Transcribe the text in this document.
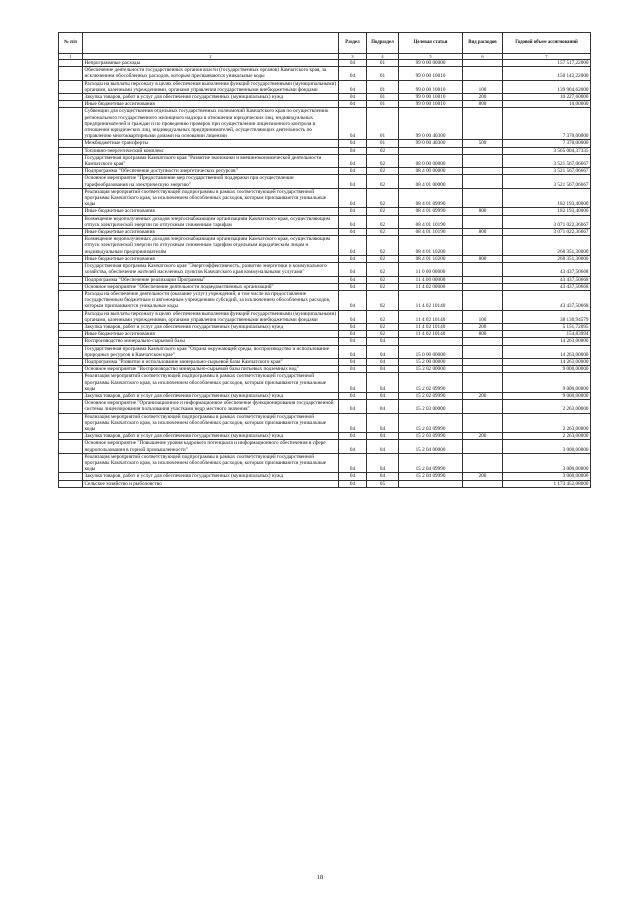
№ п/п		Раздел	Подраздел	Целевая статья	Вид расходов	Годовой объем ассигнований
1	2	3	4	5	6	7
	Непрограммные расходы	04	01	99 0 00 00000		157 517,22000
	Обеспечение деятельности государственных органов власти (государственных органов) Камчатского края, за исключением обособленных расходов, которым присваиваются уникальные коды	04	01	99 0 00 10010		150 142,22000
	Расходы на выплаты персоналу в целях обеспечения выполнения функций государственными (муниципальными) органами, казенными учреждениями, органами управления государственными внебюджетными фондами	04	01	99 0 00 10010	100	139 904,62000
	Закупка товаров, работ и услуг для обеспечения государственных (муниципальных) нужд	04	01	99 0 00 10010	200	10 227,60000
	Иные бюджетные ассигнования	04	01	99 0 00 10010	800	10,00000
	Субвенции для осуществления отдельных государственных полномочий Камчатского края по осуществлению регионального государственного жилищного надзора в отношении юридических лиц, индивидуальных предпринимателей и граждан и по проведению проверок при осуществлении лицензионного контроля в отношении юридических лиц, индивидуальных предпринимателей, осуществляющих деятельность по управлению многоквартирными домами на основании лицензии	04	01	99 0 00 40300		7 370,00000
	Межбюджетные трансферты	04	01	99 0 00 40300	500	7 370,00000
	Топливно-энергетический комплекс	04	02			3 565 004,37335
	Государственная программа Камчатского края "Развитие экономики и внешнеэкономической деятельности Камчатского края"	04	02	08 0 00 00000		3 521 567,06667
	Подпрограмма "Обеспечение доступности энергетических ресурсов"	04	02	08 4 00 00000		3 521 567,06667
	Основное мероприятие "Предоставление мер государственной поддержки при осуществлении тарифообразования на электрическую энергию"	04	02	08 4 01 00000		3 521 567,06667
	Реализация мероприятий соответствующей подпрограммы в рамках соответствующей государственной программы Камчатского края, за исключением обособленных расходов, которым присваиваются уникальные коды	04	02	08 4 01 09990		182 193,40000
	Иные бюджетные ассигнования	04	02	08 4 01 09990	800	182 193,40000
	Возмещение недополученных доходов энергоснабжающим организациям Камчатского края, осуществляющим отпуск электрической энергии по отпускным сниженным тарифам	04	02	08 4 01 10190		3 071 022,36667
	Иные бюджетные ассигнования	04	02	08 4 01 10190	800	3 071 022,36667
	Возмещение недополученных доходов энергоснабжающим организациям Камчатского края, осуществляющим отпуск электрической энергии по отпускным сниженным тарифам отдельным юридическим лицам и индивидуальным предпринимателям	04	02	08 4 01 10200		268 351,30000
	Иные бюджетные ассигнования	04	02	08 4 01 10200	800	268 351,30000
	Государственная программа Камчатского края "Энергоэффективность, развитие энергетики и коммунального хозяйства, обеспечение жителей населенных пунктов Камчатского края коммунальными услугами"	04	02	11 0 00 00000		43 437,50668
	Подпрограмма "Обеспечение реализации Программы"	04	02	11 4 00 00000		43 437,50668
	Основное мероприятие "Обеспечение деятельности подведомственных организаций"	04	02	11 4 02 00000		43 437,50668
	Расходы на обеспечение деятельности (оказание услуг) учреждений, в том числе на предоставление государственным бюджетным и автономным учреждениям субсидий, за исключением обособленных расходов, которым присваиваются уникальные коды	04	02	11 4 02 10140		43 437,50668
	Расходы на выплаты персоналу в целях обеспечения выполнения функций государственными (муниципальными) органами, казенными учреждениями, органами управления государственными внебюджетными фондами	04	02	11 4 02 10140	100	38 130,94579
	Закупка товаров, работ и услуг для обеспечения государственных (муниципальных) нужд	04	02	11 4 02 10140	200	5 151,72095
	Иные бюджетные ассигнования	04	02	11 4 02 10140	800	154,83994
	Воспроизводство минерально-сырьевой базы	04	04			14 263,00000
	Государственная программа Камчатского края "Охрана окружающей среды, воспроизводство и использование природных ресурсов в Камчатском крае"	04	04	15 0 00 00000		14 263,00000
	Подпрограмма "Развитие и использование минерально-сырьевой базы Камчатского края"	04	04	15 2 00 00000		14 263,00000
	Основное мероприятие "Воспроизводство минерально-сырьевой базы питьевых подземных вод"	04	04	15 2 02 00000		9 000,00000
	Реализация мероприятий соответствующей подпрограммы в рамках соответствующей государственной программы Камчатского края, за исключением обособленных расходов, которым присваиваются уникальные коды	04	04	15 2 02 09990		9 000,00000
	Закупка товаров, работ и услуг для обеспечения государственных (муниципальных) нужд	04	04	15 2 02 09990	200	9 000,00000
	Основное мероприятие "Организационное и информационное обеспечение функционирования государственной системы лицензирования пользования участками недр местного значения"	04	04	15 2 03 00000		2 263,00000
	Реализация мероприятий соответствующей подпрограммы в рамках соответствующей государственной программы Камчатского края, за исключением обособленных расходов, которым присваиваются уникальные коды	04	04	15 2 03 09990		2 263,00000
	Закупка товаров, работ и услуг для обеспечения государственных (муниципальных) нужд	04	04	15 2 03 09990	200	2 263,00000
	Основное мероприятие "Повышение уровня кадрового потенциала и информационного обеспечения в сфере недропользования в горной промышленности"	04	04	15 2 04 00000		3 000,00000
	Реализация мероприятий соответствующей подпрограммы в рамках соответствующей государственной программы Камчатского края, за исключением обособленных расходов, которым присваиваются уникальные коды	04	04	15 2 04 09990		3 000,00000
	Закупка товаров, работ и услуг для обеспечения государственных (муниципальных) нужд	04	04	15 2 04 09990	200	3 000,00000
	Сельское хозяйство и рыболовство	04	05			1 173 452,08000
18
